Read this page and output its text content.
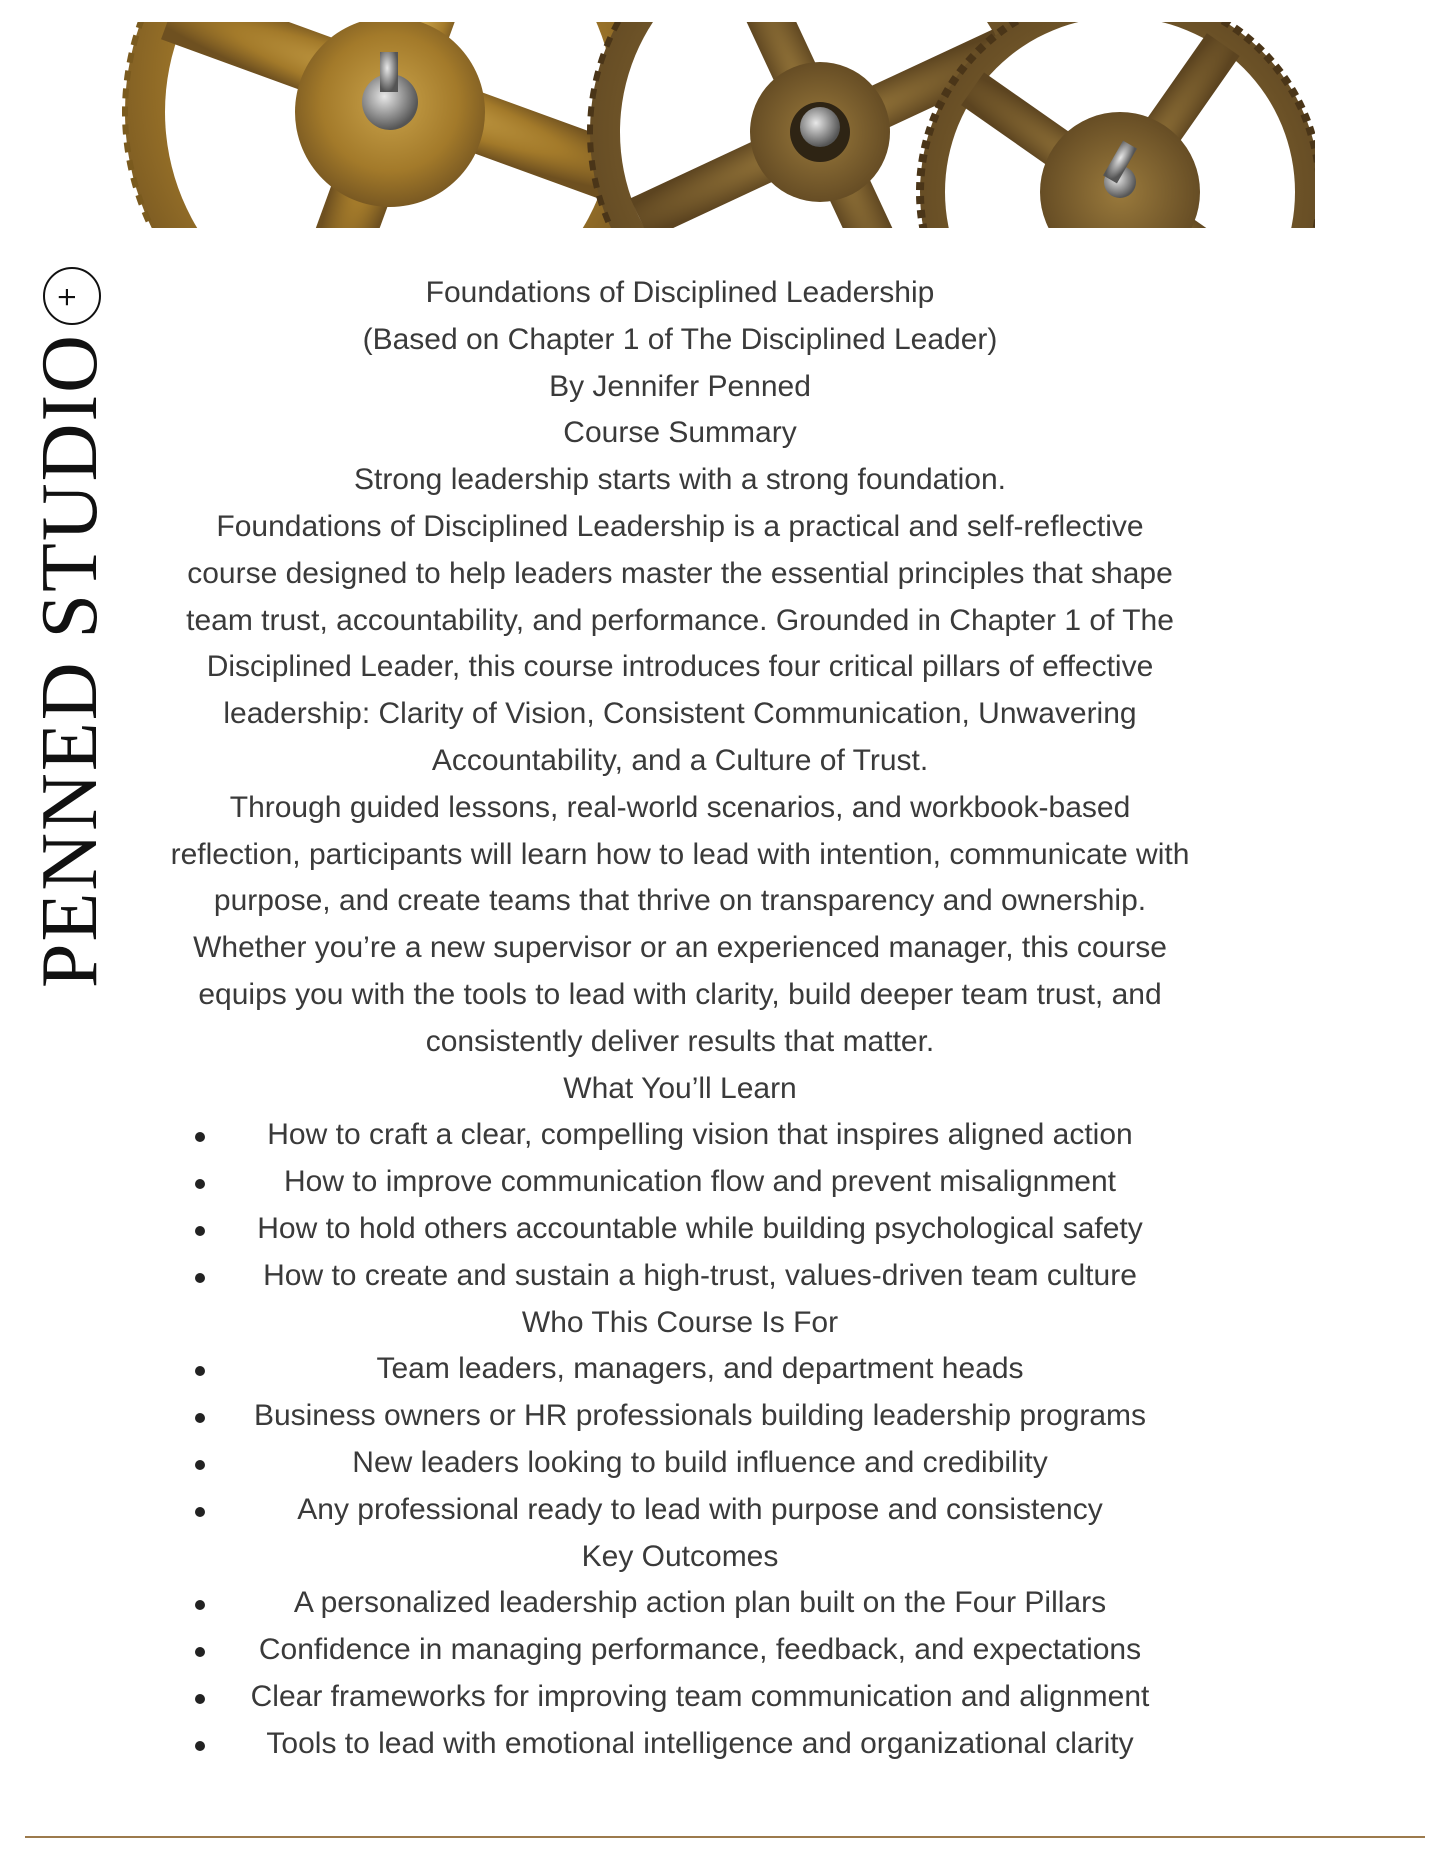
PENNED STUDIO+

Foundations of Disciplined Leadership

(Based on Chapter 1 of The Disciplined Leader)

By Jennifer Penned

Course Summary

Strong leadership starts with a strong foundation.

Foundations of Disciplined Leadership is a practical and self-reflective course designed to help leaders master the essential principles that shape team trust, accountability, and performance. Grounded in Chapter 1 of The Disciplined Leader, this course introduces four critical pillars of effective leadership: Clarity of Vision, Consistent Communication, Unwavering Accountability, and a Culture of Trust.

Through guided lessons, real-world scenarios, and workbook-based reflection, participants will learn how to lead with intention, communicate with purpose, and create teams that thrive on transparency and ownership.

Whether you’re a new supervisor or an experienced manager, this course equips you with the tools to lead with clarity, build deeper team trust, and consistently deliver results that matter.

What You’ll Learn

How to craft a clear, compelling vision that inspires aligned action
How to improve communication flow and prevent misalignment
How to hold others accountable while building psychological safety
How to create and sustain a high-trust, values-driven team culture

Who This Course Is For

Team leaders, managers, and department heads
Business owners or HR professionals building leadership programs
New leaders looking to build influence and credibility
Any professional ready to lead with purpose and consistency

Key Outcomes

A personalized leadership action plan built on the Four Pillars
Confidence in managing performance, feedback, and expectations
Clear frameworks for improving team communication and alignment
Tools to lead with emotional intelligence and organizational clarity
